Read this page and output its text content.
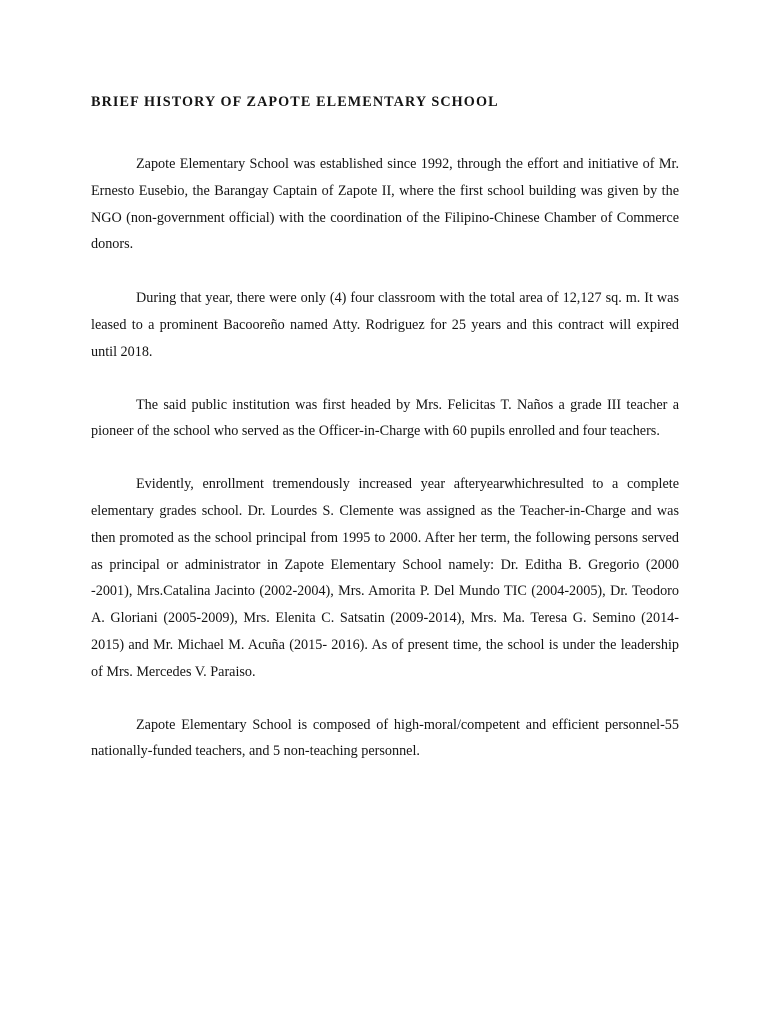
BRIEF HISTORY OF ZAPOTE ELEMENTARY SCHOOL

Zapote Elementary School was established since 1992, through the effort and initiative of Mr. Ernesto Eusebio, the Barangay Captain of Zapote II, where the first school building was given by the NGO (non-government official) with the coordination of the Filipino-Chinese Chamber of Commerce donors.

During that year, there were only (4) four classroom with the total area of 12,127 sq. m. It was leased to a prominent Bacooreño named Atty. Rodriguez for 25 years and this contract will expired until 2018.

The said public institution was first headed by Mrs. Felicitas T. Naños a grade III teacher a pioneer of the school who served as the Officer-in-Charge with 60 pupils enrolled and four teachers.

Evidently, enrollment tremendously increased year afteryearwhichresulted to a complete elementary grades school. Dr. Lourdes S. Clemente was assigned as the Teacher-in-Charge and was then promoted as the school principal from 1995 to 2000. After her term, the following persons served as principal or administrator in Zapote Elementary School namely: Dr. Editha B. Gregorio (2000 -2001), Mrs.Catalina Jacinto (2002-2004), Mrs. Amorita P. Del Mundo TIC (2004-2005), Dr. Teodoro A. Gloriani (2005-2009), Mrs. Elenita C. Satsatin (2009-2014), Mrs. Ma. Teresa G. Semino (2014-2015) and Mr. Michael M. Acuña (2015- 2016). As of present time, the school is under the leadership of Mrs. Mercedes V. Paraiso.

Zapote Elementary School is composed of high-moral/competent and efficient personnel-55 nationally-funded teachers, and 5 non-teaching personnel.
